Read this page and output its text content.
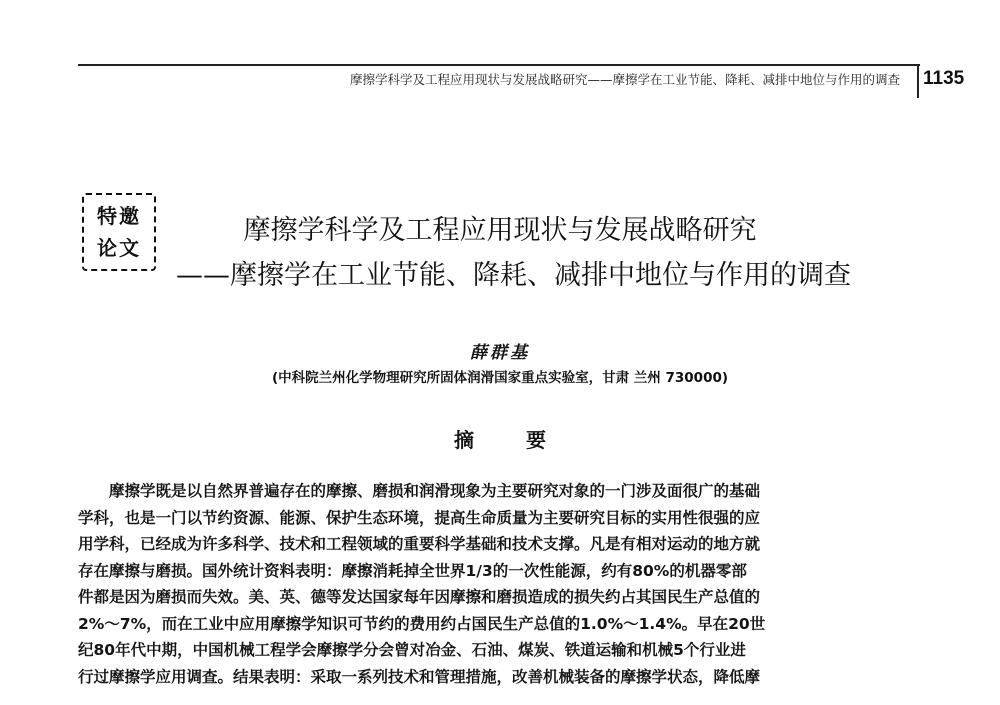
摩擦学科学及工程应用现状与发展战略研究——摩擦学在工业节能、降耗、减排中地位与作用的调查 1135
特邀
论文
摩擦学科学及工程应用现状与发展战略研究
——摩擦学在工业节能、降耗、减排中地位与作用的调查
薛群基
(中科院兰州化学物理研究所固体润滑国家重点实验室，甘肃 兰州 730000)
摘	要
摩擦学既是以自然界普遍存在的摩擦、磨损和润滑现象为主要研究对象的一门涉及面很广的基础
学科，也是一门以节约资源、能源、保护生态环境，提高生命质量为主要研究目标的实用性很强的应
用学科，已经成为许多科学、技术和工程领域的重要科学基础和技术支撑。凡是有相对运动的地方就
存在摩擦与磨损。国外统计资料表明：摩擦消耗掉全世界1/3的一次性能源，约有80%的机器零部
件都是因为磨损而失效。美、英、德等发达国家每年因摩擦和磨损造成的损失约占其国民生产总值的
2%～7%，而在工业中应用摩擦学知识可节约的费用约占国民生产总值的1.0%～1.4%。早在20世
纪80年代中期，中国机械工程学会摩擦学分会曾对冶金、石油、煤炭、铁道运输和机械5个行业进
行过摩擦学应用调查。结果表明：采取一系列技术和管理措施，改善机械装备的摩擦学状态，降低摩
